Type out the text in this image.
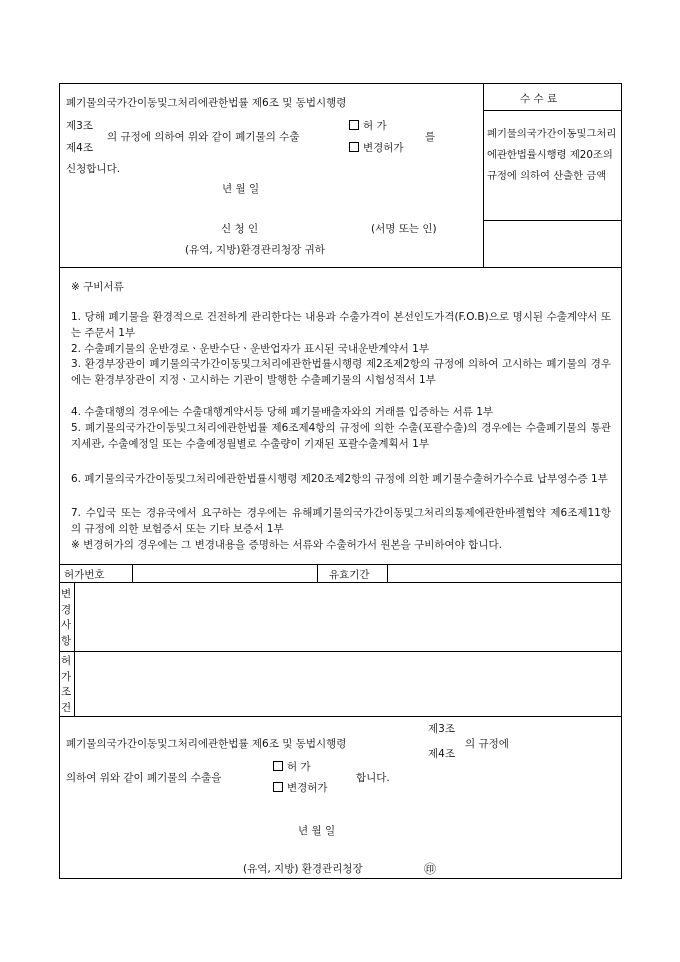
폐기물의국가간이동및그처리에관한법률 제6조 및 동법시행령
제3조
제4조
의 규정에 의하여 위와 같이 폐기물의 수출
허 가
변경허가
를
신청합니다.
년 월 일
신 청 인	(서명 또는 인)
(유역, 지방)환경관리청장 귀하
수 수 료
폐기물의국가간이동및그처리에관한법률시행령 제20조의 규정에 의하여 산출한 금액
※ 구비서류
1. 당해 폐기물을 환경적으로 건전하게 관리한다는 내용과 수출가격이 본선인도가격(F.O.B)으로 명시된 수출계약서 또는 주문서 1부
2. 수출폐기물의 운반경로ㆍ운반수단ㆍ운반업자가 표시된 국내운반계약서 1부
3. 환경부장관이 폐기물의국가간이동및그처리에관한법률시행령 제2조제2항의 규정에 의하여 고시하는 폐기물의 경우에는 환경부장관이 지정ㆍ고시하는 기관이 발행한 수출폐기물의 시험성적서 1부
4. 수출대행의 경우에는 수출대행계약서등 당해 폐기물배출자와의 거래를 입증하는 서류 1부
5. 폐기물의국가간이동및그처리에관한법률 제6조제4항의 규정에 의한 수출(포괄수출)의 경우에는 수출폐기물의 통관지세관, 수출예정일 또는 수출예정월별로 수출량이 기재된 포괄수출계획서 1부
6. 폐기물의국가간이동및그처리에관한법률시행령 제20조제2항의 규정에 의한 폐기물수출허가수수료 납부영수증 1부
7. 수입국 또는 경유국에서 요구하는 경우에는 유해폐기물의국가간이동및그처리의통제에관한바젤협약 제6조제11항의 규정에 의한 보험증서 또는 기타 보증서 1부
※ 변경허가의 경우에는 그 변경내용을 증명하는 서류와 수출허가서 원본을 구비하여야 합니다.
허가번호	유효기간
변
경
사
항
허
가
조
건
폐기물의국가간이동및그처리에관한법률 제6조 및 동법시행령
제3조
제4조
의 규정에
의하여 위와 같이 폐기물의 수출을
허 가
변경허가
합니다.
년 월 일
(유역, 지방) 환경관리청장	㊞
